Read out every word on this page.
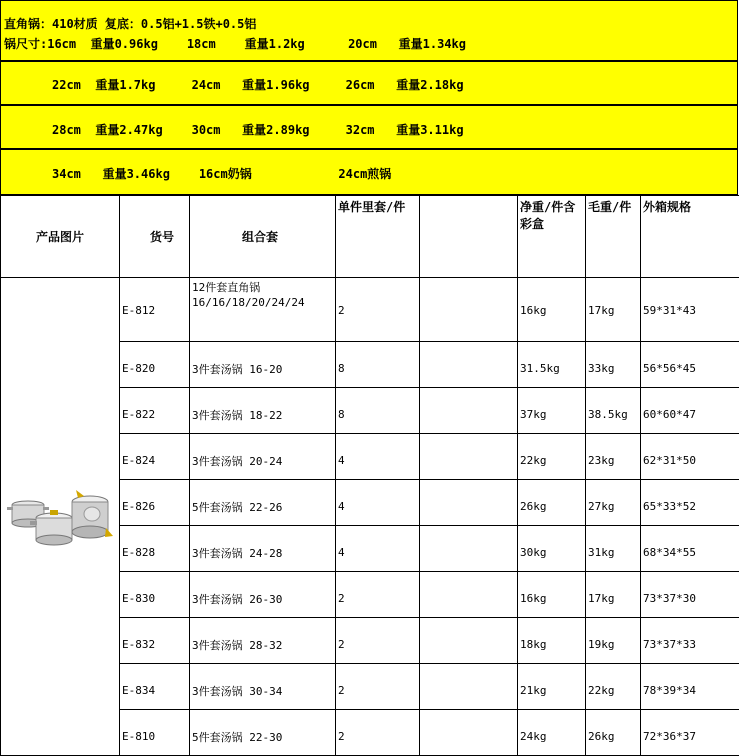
直角锅：410材质 复底：0.5铝+1.5铁+0.5铝
锅尺寸:16cm  重量0.96kg    18cm    重量1.2kg      20cm   重量1.34kg
22cm  重量1.7kg     24cm   重量1.96kg     26cm   重量2.18kg
28cm  重量2.47kg    30cm   重量2.89kg     32cm   重量3.11kg
34cm   重量3.46kg    16cm奶锅            24cm煎锅
产品图片	货号	组合套	单件里套/件		净重/件含彩盒	毛重/件	外箱规格

	E-812	12件套直角锅 16/16/18/20/24/24	2		16kg	17kg	59*31*43
	E-820	3件套汤锅 16-20	8		31.5kg	33kg	56*56*45
	E-822	3件套汤锅 18-22	8		37kg	38.5kg	60*60*47
	E-824	3件套汤锅 20-24	4		22kg	23kg	62*31*50
	E-826	5件套汤锅 22-26	4		26kg	27kg	65*33*52
	E-828	3件套汤锅 24-28	4		30kg	31kg	68*34*55
	E-830	3件套汤锅 26-30	2		16kg	17kg	73*37*30
	E-832	3件套汤锅 28-32	2		18kg	19kg	73*37*33
	E-834	3件套汤锅 30-34	2		21kg	22kg	78*39*34
	E-810	5件套汤锅 22-30	2		24kg	26kg	72*36*37
